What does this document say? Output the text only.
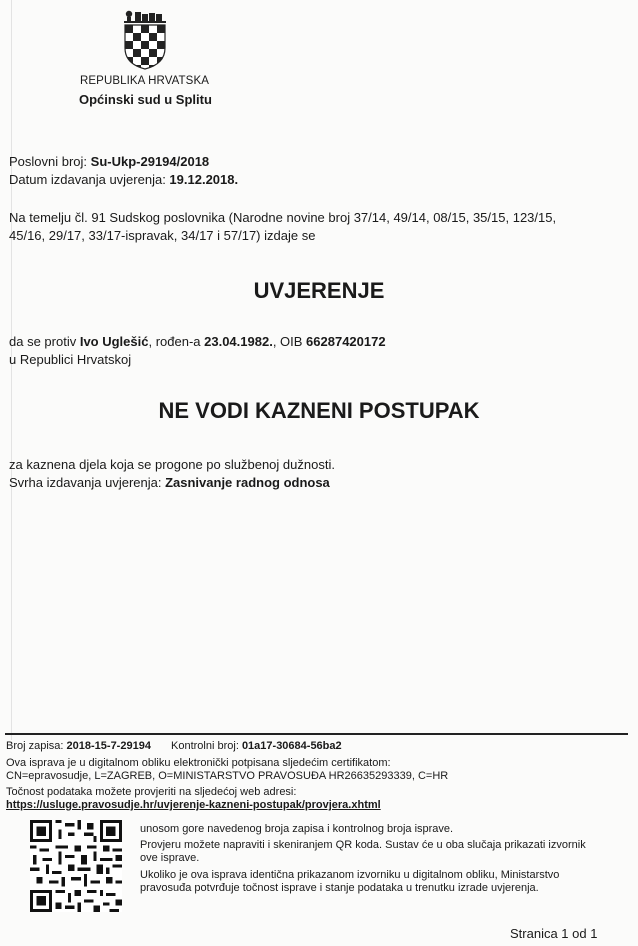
REPUBLIKA HRVATSKA
Općinski sud u Splitu
Poslovni broj: Su-Ukp-29194/2018
Datum izdavanja uvjerenja: 19.12.2018.
Na temelju čl. 91 Sudskog poslovnika (Narodne novine broj 37/14, 49/14, 08/15, 35/15, 123/15,
45/16, 29/17, 33/17-ispravak, 34/17 i 57/17) izdaje se
UVJERENJE
da se protiv Ivo Uglešić, rođen-a 23.04.1982., OIB 66287420172
u Republici Hrvatskoj
NE VODI KAZNENI POSTUPAK
za kaznena djela koja se progone po službenoj dužnosti.
Svrha izdavanja uvjerenja: Zasnivanje radnog odnosa
Broj zapisa: 2018-15-7-29194 Kontrolni broj: 01a17-30684-56ba2
Ova isprava je u digitalnom obliku elektronički potpisana sljedećim certifikatom:
CN=epravosudje, L=ZAGREB, O=MINISTARSTVO PRAVOSUĐA HR26635293339, C=HR
Točnost podataka možete provjeriti na sljedećoj web adresi:
https://usluge.pravosudje.hr/uvjerenje-kazneni-postupak/provjera.xhtml
unosom gore navedenog broja zapisa i kontrolnog broja isprave.
Provjeru možete napraviti i skeniranjem QR koda. Sustav će u oba slučaja prikazati izvornik
ove isprave.
Ukoliko je ova isprava identična prikazanom izvorniku u digitalnom obliku, Ministarstvo
pravosuđa potvrđuje točnost isprave i stanje podataka u trenutku izrade uvjerenja.
Stranica 1 od 1
